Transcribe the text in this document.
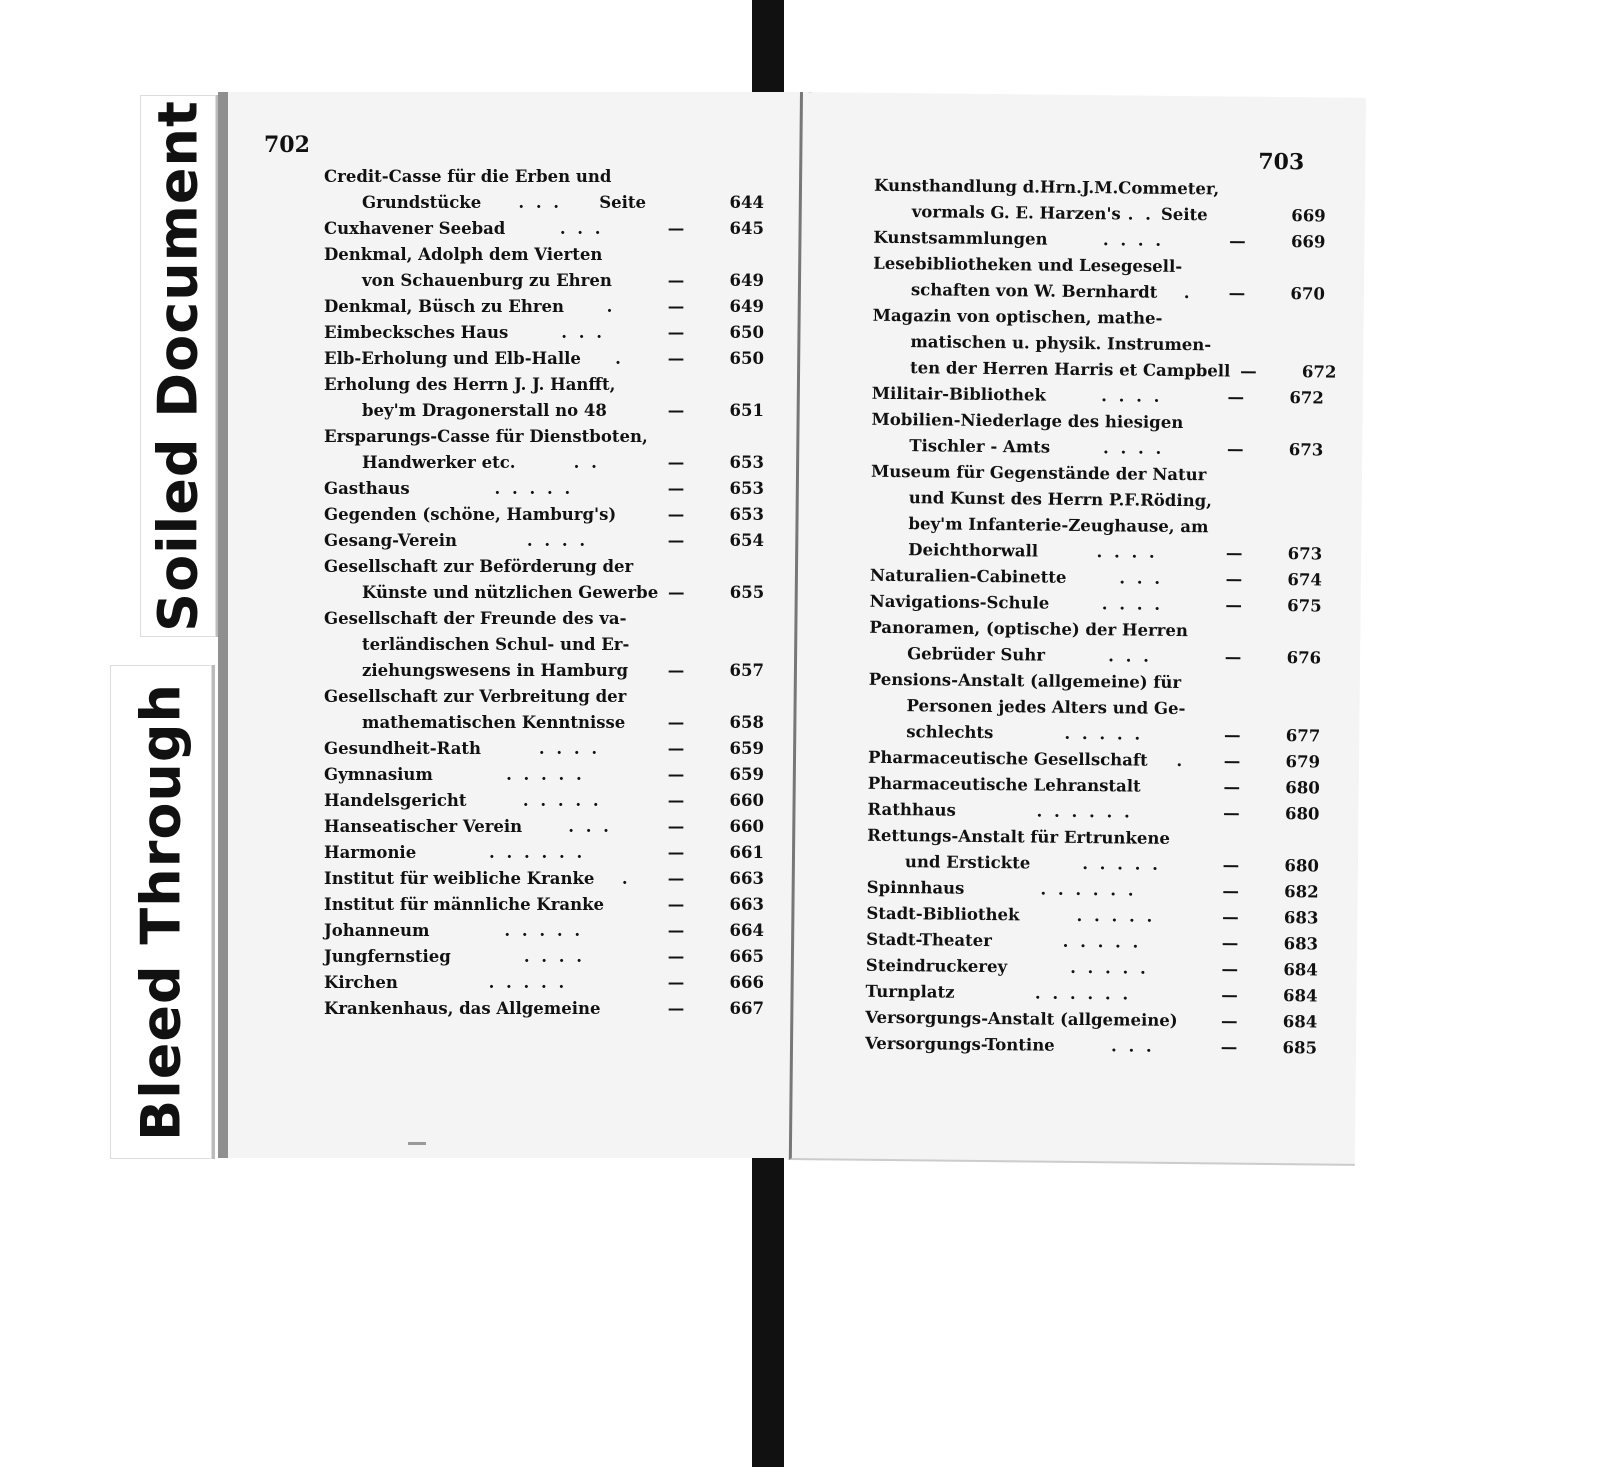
Soiled Document
Bleed Through
702
Credit-Casse für die Erben und
Grundstücke	. . .	Seite	644
Cuxhavener Seebad	. . .	—	645
Denkmal, Adolph dem Vierten
von Schauenburg zu Ehren	—	649
Denkmal, Büsch zu Ehren	.	—	649
Eimbecksches Haus	. . .	—	650
Elb-Erholung und Elb-Halle	.	—	650
Erholung des Herrn J. J. Hanfft,
bey'm Dragonerstall no 48	—	651
Ersparungs-Casse für Dienstboten,
Handwerker etc.	. .	—	653
Gasthaus	. . . . .	—	653
Gegenden (schöne, Hamburg's)	—	653
Gesang-Verein	. . . .	—	654
Gesellschaft zur Beförderung der
Künste und nützlichen Gewerbe —	655
Gesellschaft der Freunde des va-
terländischen Schul- und Er-
ziehungswesens in Hamburg	—	657
Gesellschaft zur Verbreitung der
mathematischen Kenntnisse	—	658
Gesundheit-Rath	. . . .	—	659
Gymnasium	. . . . .	—	659
Handelsgericht	. . . . .	—	660
Hanseatischer Verein	. . .	—	660
Harmonie	. . . . . .	—	661
Institut für weibliche Kranke	.	—	663
Institut für männliche Kranke	—	663
Johanneum	. . . . .	—	664
Jungfernstieg	. . . .	—	665
Kirchen	. . . . .	—	666
Krankenhaus, das Allgemeine	—	667
703
Kunsthandlung d.Hrn.J.M.Commeter,
vormals G. E. Harzen's . . Seite	669
Kunstsammlungen	. . . .	—	669
Lesebibliotheken und Lesegesell-
schaften von W. Bernhardt	.	—	670
Magazin von optischen, mathe-
matischen u. physik. Instrumen-
ten der Herren Harris et Campbell —	672
Militair-Bibliothek	. . . .	—	672
Mobilien-Niederlage des hiesigen
Tischler - Amts	. . . .	—	673
Museum für Gegenstände der Natur
und Kunst des Herrn P.F.Röding,
bey'm Infanterie-Zeughause, am
Deichthorwall	. . . .	—	673
Naturalien-Cabinette	. . .	—	674
Navigations-Schule	. . . .	—	675
Panoramen, (optische) der Herren
Gebrüder Suhr	. . .	—	676
Pensions-Anstalt (allgemeine) für
Personen jedes Alters und Ge-
schlechts	. . . . .	—	677
Pharmaceutische Gesellschaft	.	—	679
Pharmaceutische Lehranstalt	—	680
Rathhaus	. . . . . .	—	680
Rettungs-Anstalt für Ertrunkene
und Erstickte	. . . . .	—	680
Spinnhaus	. . . . . .	—	682
Stadt-Bibliothek	. . . . .	—	683
Stadt-Theater	. . . . .	—	683
Steindruckerey	. . . . .	—	684
Turnplatz	. . . . . .	—	684
Versorgungs-Anstalt (allgemeine)	—	684
Versorgungs-Tontine	. . .	—	685
